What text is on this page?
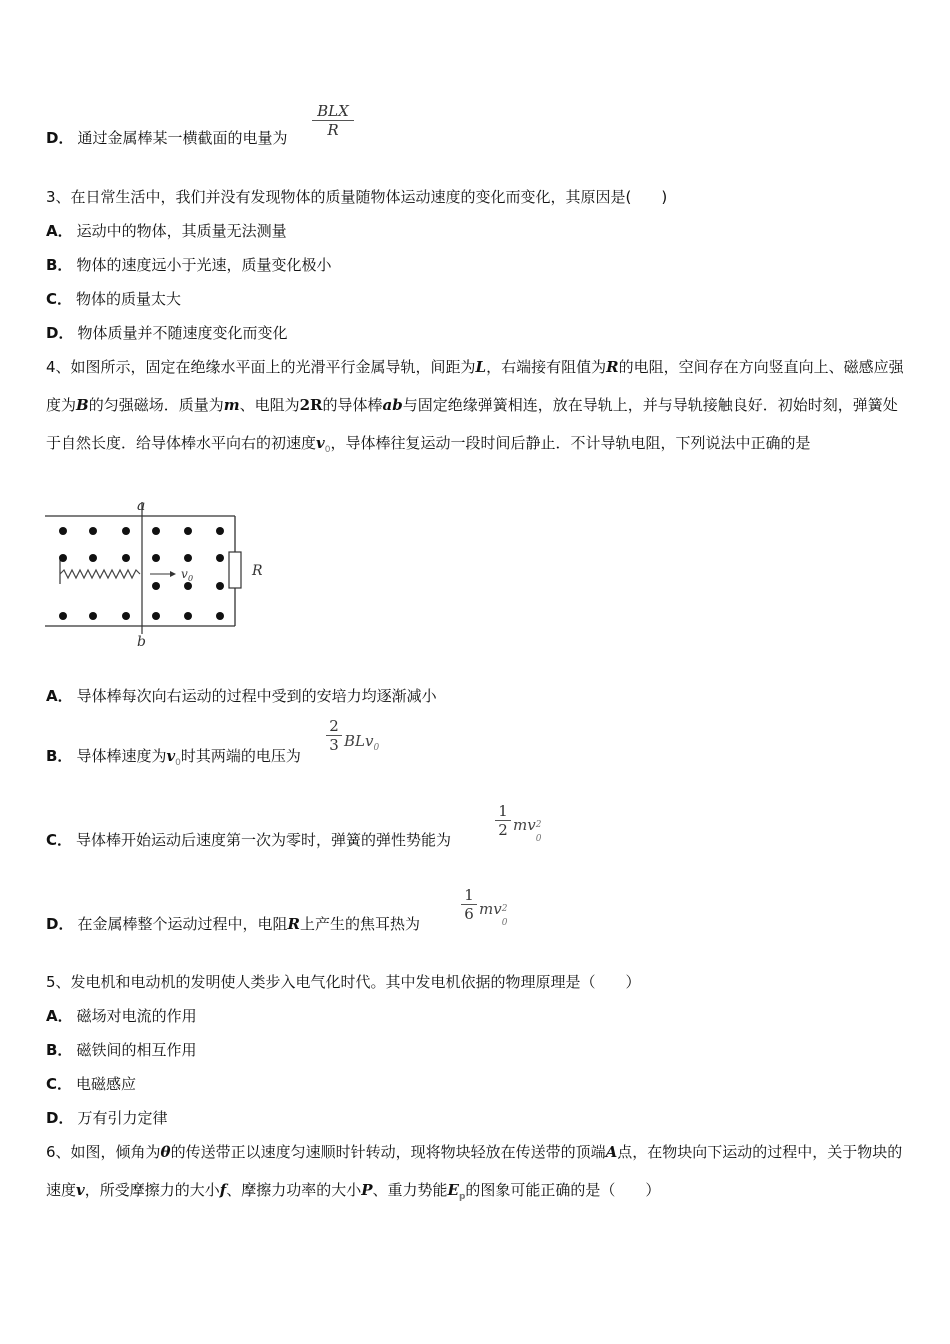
D． 通过金属棒某一横截面的电量为
BLX
R
3、在日常生活中，我们并没有发现物体的质量随物体运动速度的变化而变化，其原因是(　　)
A． 运动中的物体，其质量无法测量
B． 物体的速度远小于光速，质量变化极小
C． 物体的质量太大
D． 物体质量并不随速度变化而变化
4、如图所示，固定在绝缘水平面上的光滑平行金属导轨，间距为L，右端接有阻值为R的电阻，空间存在方向竖直向上、磁感应强度为B的匀强磁场．质量为m、电阻为2R的导体棒ab与固定绝缘弹簧相连，放在导轨上，并与导轨接触良好．初始时刻，弹簧处于自然长度．给导体棒水平向右的初速度$v_0$，导体棒往复运动一段时间后静止．不计导轨电阻，下列说法中正确的是
a
b
R
v 0
A． 导体棒每次向右运动的过程中受到的安培力均逐渐减小
B． 导体棒速度为$v_0$时其两端的电压为
2
3 BLv$_0$
C． 导体棒开始运动后速度第一次为零时，弹簧的弹性势能为
1
2 mv 2
0
D． 在金属棒整个运动过程中，电阻R上产生的焦耳热为
1
6 mv 2
0
5、发电机和电动机的发明使人类步入电气化时代。其中发电机依据的物理原理是（　　）
A． 磁场对电流的作用
B． 磁铁间的相互作用
C． 电磁感应
D． 万有引力定律
6、如图，倾角为θ的传送带正以速度匀速顺时针转动，现将物块轻放在传送带的顶端A点，在物块向下运动的过程中，关于物块的速度v，所受摩擦力的大小f、摩擦力功率的大小P、重力势能$E_p$的图象可能正确的是（　　）
